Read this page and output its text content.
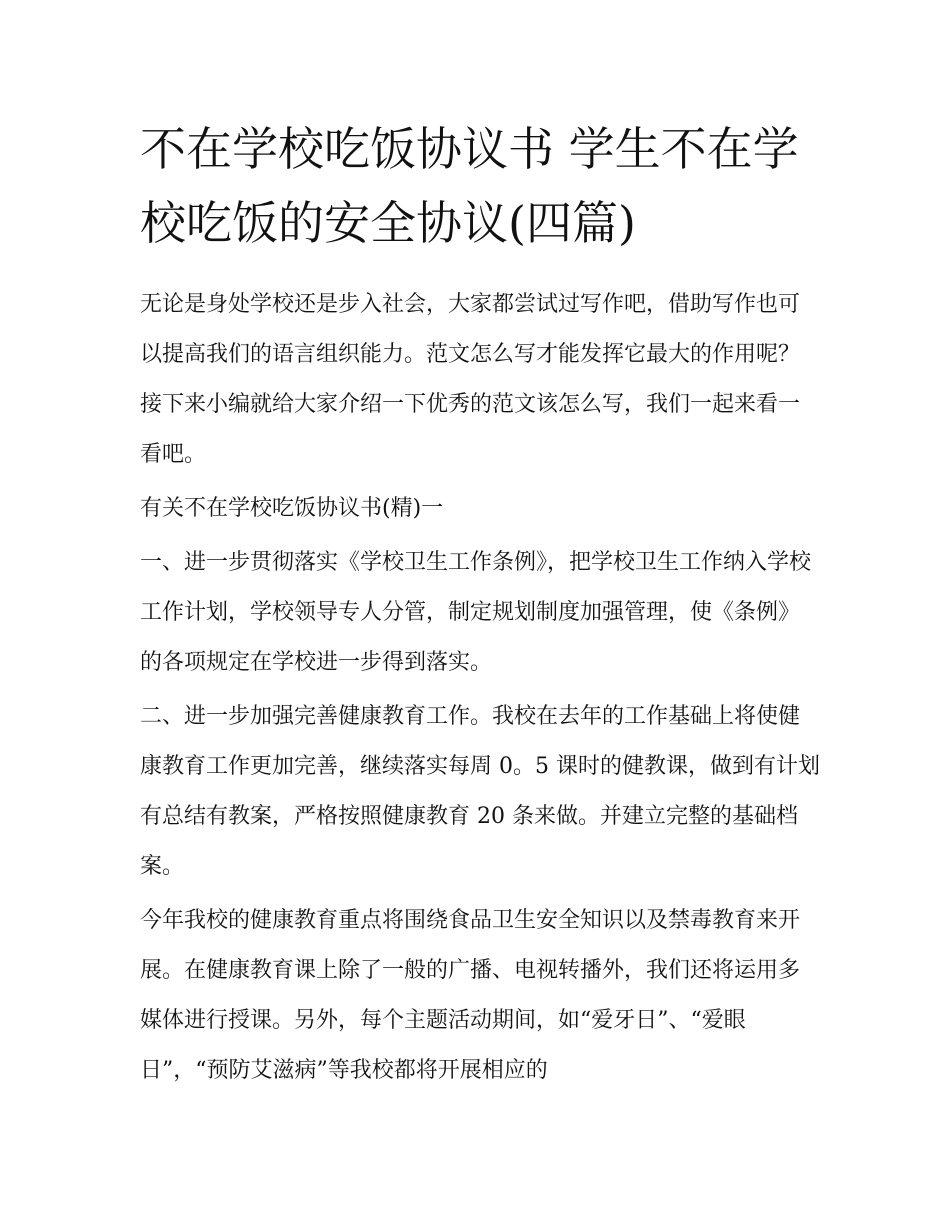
不在学校吃饭协议书 学生不在学校吃饭的安全协议(四篇)

无论是身处学校还是步入社会，大家都尝试过写作吧，借助写作也可以提高我们的语言组织能力。范文怎么写才能发挥它最大的作用呢？接下来小编就给大家介绍一下优秀的范文该怎么写，我们一起来看一看吧。

有关不在学校吃饭协议书(精)一

一、进一步贯彻落实《学校卫生工作条例》，把学校卫生工作纳入学校工作计划，学校领导专人分管，制定规划制度加强管理，使《条例》的各项规定在学校进一步得到落实。

二、进一步加强完善健康教育工作。我校在去年的工作基础上将使健康教育工作更加完善，继续落实每周 0。5 课时的健教课，做到有计划有总结有教案，严格按照健康教育 20 条来做。并建立完整的基础档案。

今年我校的健康教育重点将围绕食品卫生安全知识以及禁毒教育来开展。在健康教育课上除了一般的广播、电视转播外，我们还将运用多媒体进行授课。另外，每个主题活动期间，如“爱牙日”、“爱眼日”，“预防艾滋病”等我校都将开展相应的
